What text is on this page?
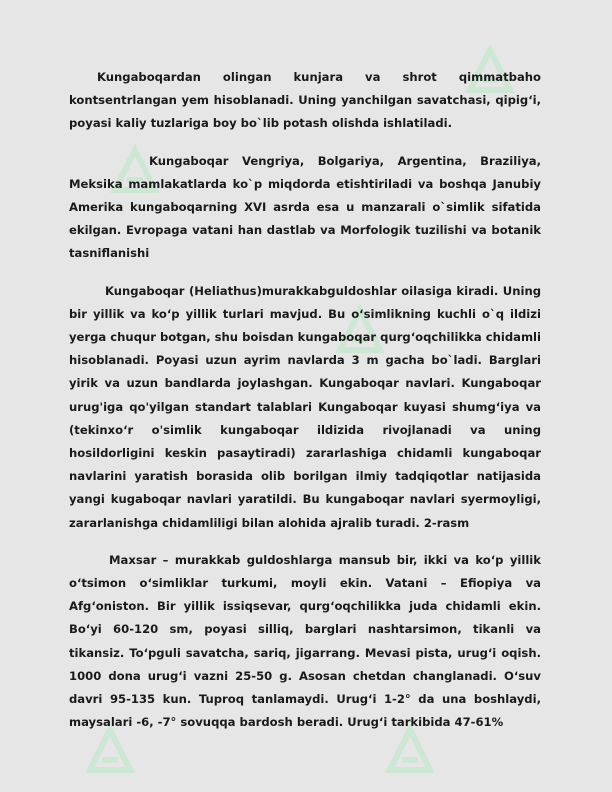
Kungaboqardan olingan kunjara va shrot qimmatbaho kontsentrlangan yem hisoblanadi. Uning yanchilgan savatchasi, qipig‘i, poyasi kaliy tuzlariga boy bo`lib potash olishda ishlatiladi.

Kungaboqar Vengriya, Bolgariya, Argentina, Braziliya, Meksika mamlakatlarda ko`p miqdorda etishtiriladi va boshqa Janubiy Amerika kungaboqarning XVI asrda esa u manzarali o`simlik sifatida ekilgan. Evropaga vatani han dastlab va Morfologik tuzilishi va botanik tasniflanishi

Kungaboqar (Heliathus)murakkabguldoshlar oilasiga kiradi. Uning bir yillik va ko‘p yillik turlari mavjud. Bu o‘simlikning kuchli o`q ildizi yerga chuqur botgan, shu boisdan kungaboqar qurg‘oqchilikka chidamli hisoblanadi. Poyasi uzun ayrim navlarda 3 m gacha bo`ladi. Barglari yirik va uzun bandlarda joylashgan. Kungaboqar navlari. Kungaboqar urug'iga qo'yilgan standart talablari Kungaboqar kuyasi shumg‘iya va (tekinxo‘r o'simlik kungaboqar ildizida rivojlanadi va uning hosildorligini keskin pasaytiradi) zararlashiga chidamli kungaboqar navlarini yaratish borasida olib borilgan ilmiy tadqiqotlar natijasida yangi kugaboqar navlari yaratildi. Bu kungaboqar navlari syermoyligi, zararlanishga chidamliligi bilan alohida ajralib turadi. 2-rasm

Maxsar – murakkab guldoshlarga mansub bir, ikki va ko‘p yillik o‘tsimon o‘simliklar turkumi, moyli ekin. Vatani – Efiopiya va Afg‘oniston. Bir yillik issiqsevar, qurg‘oqchilikka juda chidamli ekin. Bo‘yi 60-120 sm, poyasi silliq, barglari nashtarsimon, tikanli va tikansiz. To‘pguli savatcha, sariq, jigarrang. Mevasi pista, urug‘i oqish. 1000 dona urug‘i vazni 25-50 g. Asosan chetdan changlanadi. O‘suv davri 95-135 kun. Tuproq tanlamaydi. Urug‘i 1-2° da una boshlaydi, maysalari -6, -7° sovuqqa bardosh beradi. Urug‘i tarkibida 47-61%
